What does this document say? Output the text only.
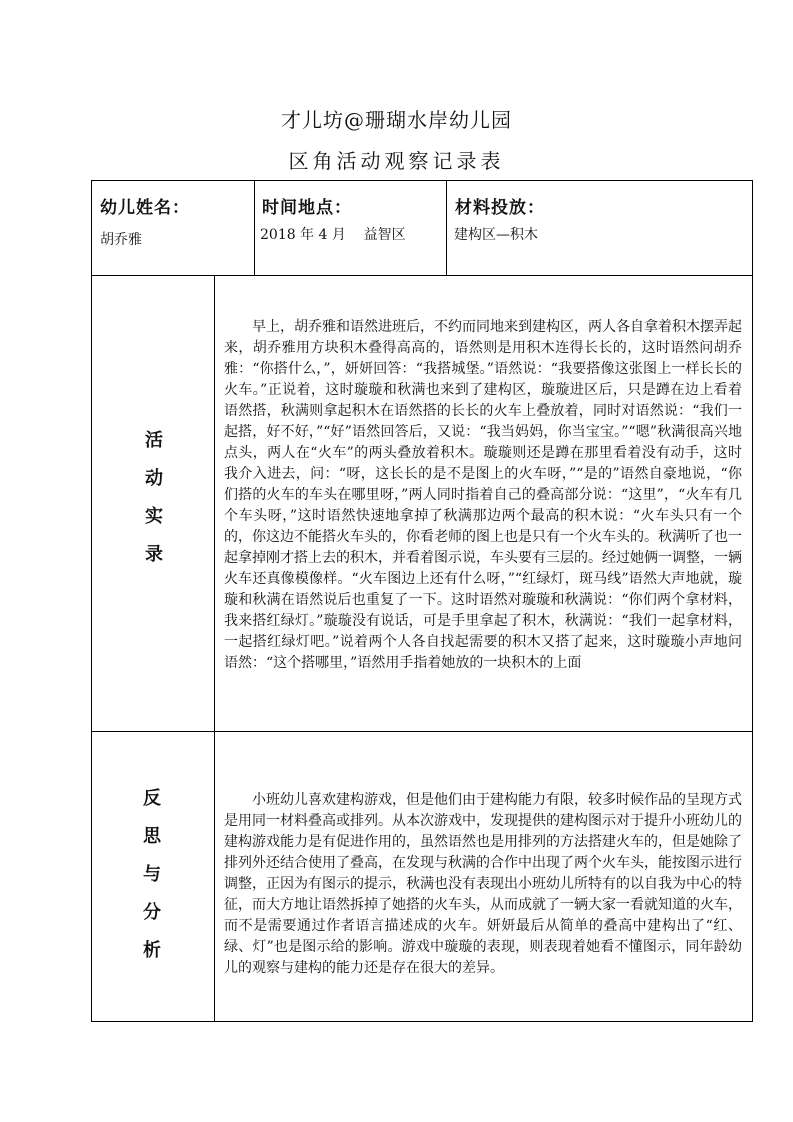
才儿坊@珊瑚水岸幼儿园
区角活动观察记录表
幼儿姓名：
胡乔雅
时间地点：
2018 年 4 月    益智区
材料投放：
建构区—积木
活
动
实
录

早上，胡乔雅和语然进班后，不约而同地来到建构区，两人各自拿着积木摆弄起来，胡乔雅用方块积木叠得高高的，语然则是用积木连得长长的，这时语然问胡乔雅：“你搭什么，”，妍妍回答：“我搭城堡。”语然说：“我要搭像这张图上一样长长的火车。”正说着，这时璇璇和秋满也来到了建构区，璇璇进区后，只是蹲在边上看着语然搭，秋满则拿起积木在语然搭的长长的火车上叠放着，同时对语然说：“我们一起搭，好不好，”“好”语然回答后，又说：“我当妈妈，你当宝宝。”“嗯”秋满很高兴地点头，两人在“火车”的两头叠放着积木。璇璇则还是蹲在那里看着没有动手，这时我介入进去，问：“呀，这长长的是不是图上的火车呀，”“是的”语然自豪地说，“你们搭的火车的车头在哪里呀，”两人同时指着自己的叠高部分说：“这里”，“火车有几个车头呀，”这时语然快速地拿掉了秋满那边两个最高的积木说：“火车头只有一个的，你这边不能搭火车头的，你看老师的图上也是只有一个火车头的。秋满听了也一起拿掉刚才搭上去的积木，并看着图示说，车头要有三层的。经过她俩一调整，一辆火车还真像模像样。“火车图边上还有什么呀，”“红绿灯，斑马线”语然大声地就，璇璇和秋满在语然说后也重复了一下。这时语然对璇璇和秋满说：“你们两个拿材料，我来搭红绿灯。”璇璇没有说话，可是手里拿起了积木，秋满说：“我们一起拿材料，一起搭红绿灯吧。”说着两个人各自找起需要的积木又搭了起来，这时璇璇小声地问语然：“这个搭哪里，”语然用手指着她放的一块积木的上面

反
思
与
分
析

小班幼儿喜欢建构游戏，但是他们由于建构能力有限，较多时候作品的呈现方式是用同一材料叠高或排列。从本次游戏中，发现提供的建构图示对于提升小班幼儿的建构游戏能力是有促进作用的，虽然语然也是用排列的方法搭建火车的，但是她除了排列外还结合使用了叠高，在发现与秋满的合作中出现了两个火车头，能按图示进行调整，正因为有图示的提示，秋满也没有表现出小班幼儿所特有的以自我为中心的特征，而大方地让语然拆掉了她搭的火车头，从而成就了一辆大家一看就知道的火车，而不是需要通过作者语言描述成的火车。妍妍最后从简单的叠高中建构出了“红、绿、灯”也是图示给的影响。游戏中璇璇的表现，则表现着她看不懂图示，同年龄幼儿的观察与建构的能力还是存在很大的差异。
